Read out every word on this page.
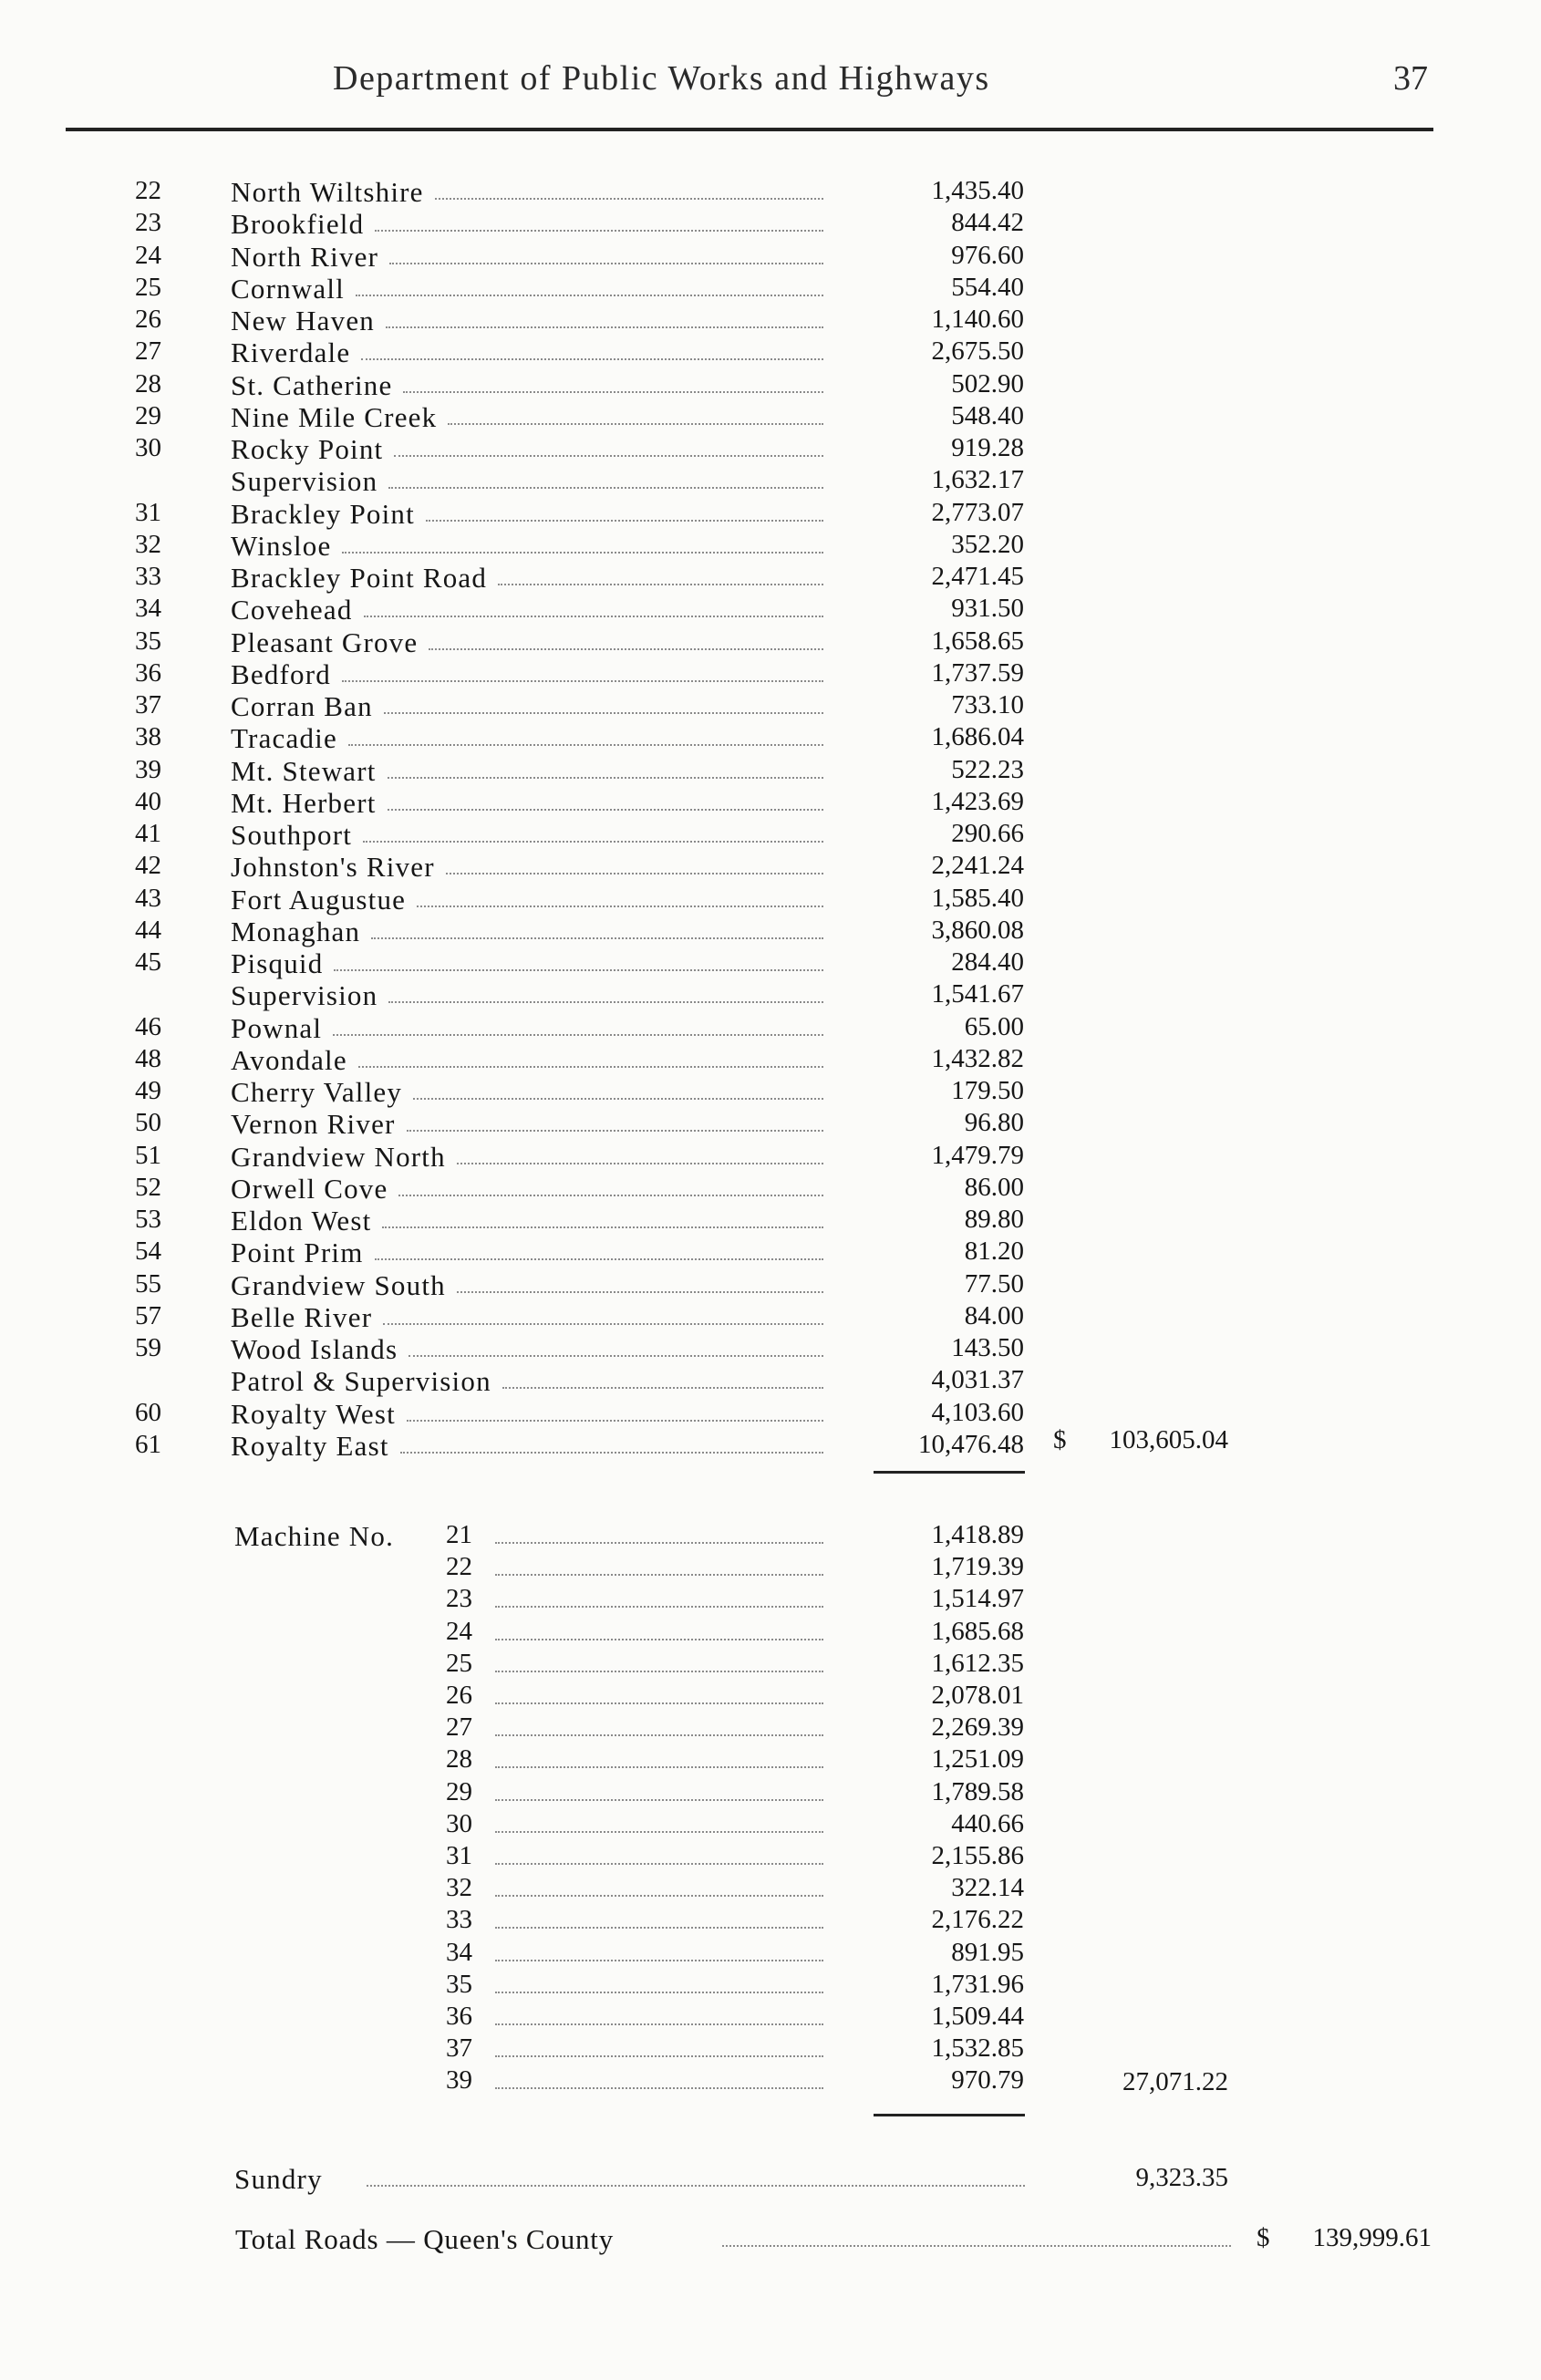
Department of Public Works and Highways	37
22	North Wiltshire	1,435.40
23	Brookfield	844.42
24	North River	976.60
25	Cornwall	554.40
26	New Haven	1,140.60
27	Riverdale	2,675.50
28	St. Catherine	502.90
29	Nine Mile Creek	548.40
30	Rocky Point	919.28
Supervision	1,632.17
31	Brackley Point	2,773.07
32	Winsloe	352.20
33	Brackley Point Road	2,471.45
34	Covehead	931.50
35	Pleasant Grove	1,658.65
36	Bedford	1,737.59
37	Corran Ban	733.10
38	Tracadie	1,686.04
39	Mt. Stewart	522.23
40	Mt. Herbert	1,423.69
41	Southport	290.66
42	Johnston's River	2,241.24
43	Fort Augustue	1,585.40
44	Monaghan	3,860.08
45	Pisquid	284.40
Supervision	1,541.67
46	Pownal	65.00
48	Avondale	1,432.82
49	Cherry Valley	179.50
50	Vernon River	96.80
51	Grandview North	1,479.79
52	Orwell Cove	86.00
53	Eldon West	89.80
54	Point Prim	81.20
55	Grandview South	77.50
57	Belle River	84.00
59	Wood Islands	143.50
Patrol & Supervision	4,031.37
60	Royalty West	4,103.60
61	Royalty East	10,476.48 $ 103,605.04
Machine No.	21	1,418.89
22	1,719.39
23	1,514.97
24	1,685.68
25	1,612.35
26	2,078.01
27	2,269.39
28	1,251.09
29	1,789.58
30	440.66
31	2,155.86
32	322.14
33	2,176.22
34	891.95
35	1,731.96
36	1,509.44
37	1,532.85
39	970.79	27,071.22
Sundry	9,323.35
Total Roads — Queen's County	$ 139,999.61
